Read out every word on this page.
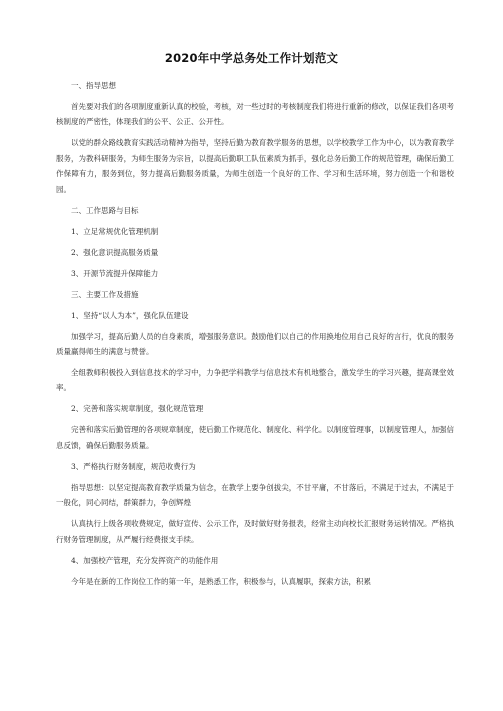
2020年中学总务处工作计划范文

一、指导思想

首先要对我们的各项制度重新认真的校验，考核，对一些过时的考核制度我们将进行重新的修改，以保证我们各项考核制度的严密性，体现我们的公平、公正、公开性。

以党的群众路线教育实践活动精神为指导，坚持后勤为教育教学服务的思想，以学校教学工作为中心，以为教育教学服务，为教科研服务，为师生服务为宗旨，以提高后勤职工队伍素质为抓手，强化总务后勤工作的规范管理，确保后勤工作保障有力，服务到位，努力提高后勤服务质量，为师生创造一个良好的工作、学习和生活环境，努力创造一个和谐校园。

二、工作思路与目标

1、立足常规优化管理机制

2、强化意识提高服务质量

3、开源节流提升保障能力

三、主要工作及措施

1、坚持“以人为本”，强化队伍建设

加强学习，提高后勤人员的自身素质，增强服务意识。鼓励他们以自己的作用换地位用自己良好的言行，优良的服务质量赢得师生的满意与赞誉。

全组教师积极投入到信息技术的学习中，力争把学科教学与信息技术有机地整合，激发学生的学习兴趣，提高课堂效率。

2、完善和落实规章制度，强化规范管理

完善和落实后勤管理的各项规章制度，使后勤工作规范化、制度化、科学化。以制度管理事，以制度管理人，加强信息反馈，确保后勤服务质量。

3、严格执行财务制度，规范收费行为

指导思想：以坚定提高教育教学质量为信念，在教学上要争创拔尖，不甘平庸，不甘落后，不满足于过去，不满足于一般化，同心同结，群策群力，争创辉煌

认真执行上级各项收费规定，做好宣传、公示工作，及时做好财务报表，经常主动向校长汇报财务运转情况。严格执行财务管理制度，从严履行经费报支手续。

4、加强校产管理，充分发挥资产的功能作用

今年是在新的工作岗位工作的第一年，是熟悉工作，积极参与，认真履职，探索方法，积累
